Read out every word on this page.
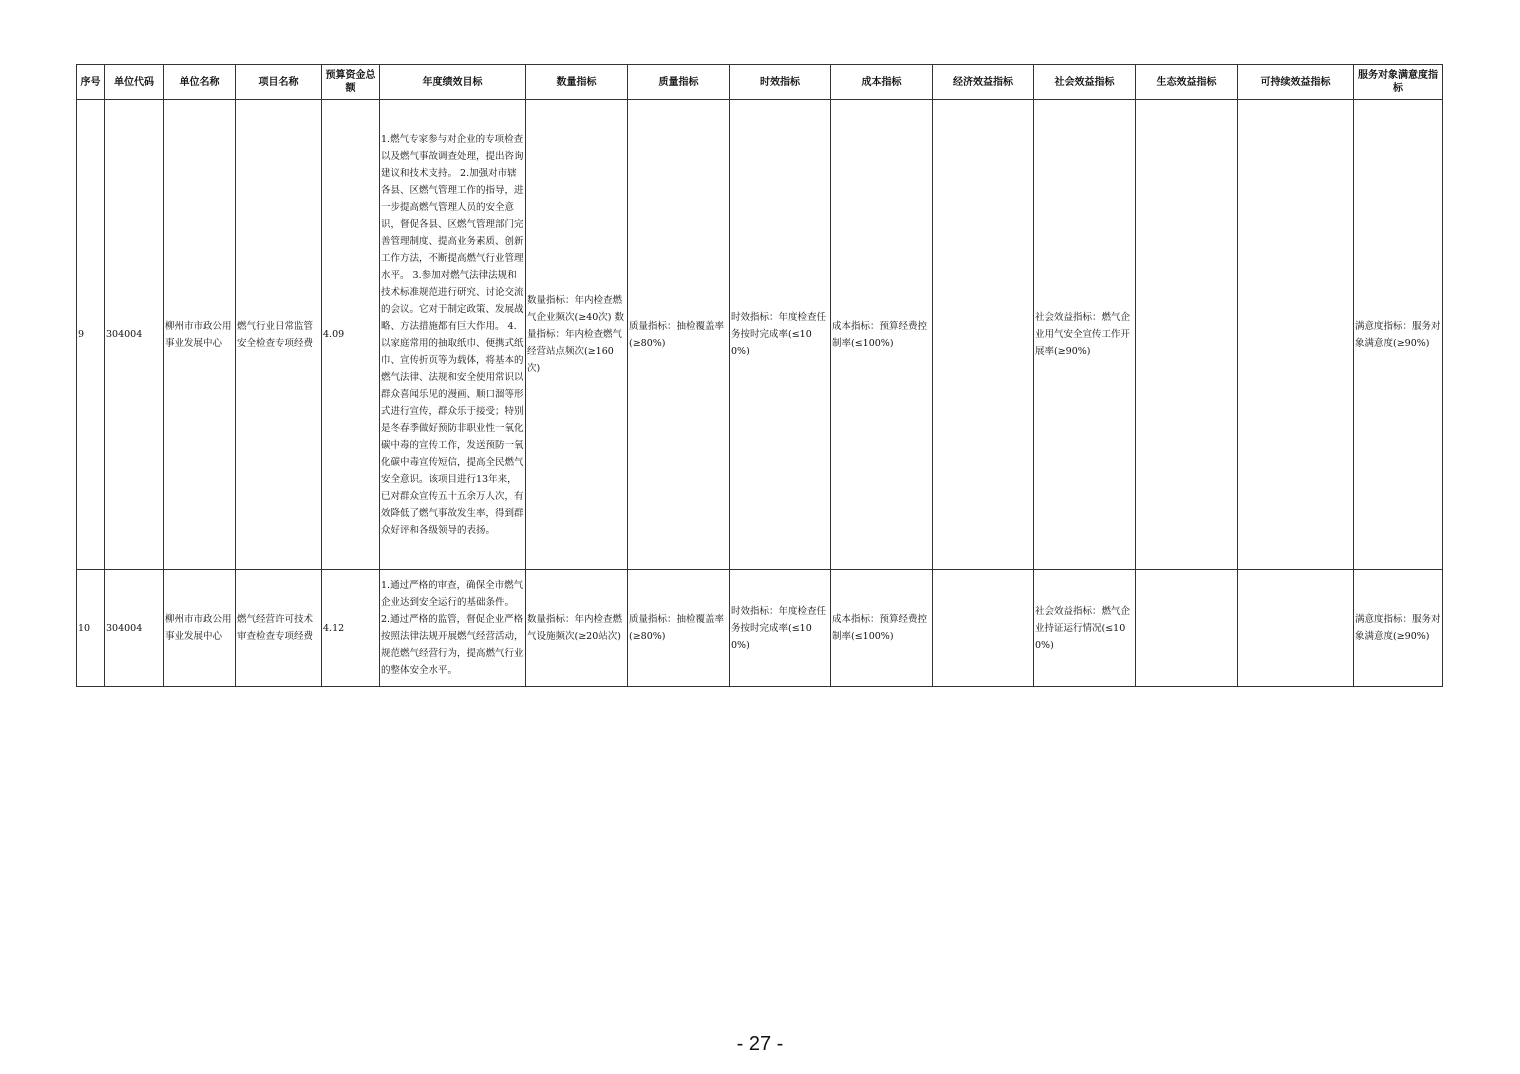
序号	单位代码	单位名称	项目名称	预算资金总额	年度绩效目标	数量指标	质量指标	时效指标	成本指标	经济效益指标	社会效益指标	生态效益指标	可持续效益指标	服务对象满意度指标
9	304004	柳州市市政公用事业发展中心	燃气行业日常监管安全检查专项经费	4.09	1.燃气专家参与对企业的专项检查以及燃气事故调查处理，提出咨询建议和技术支持。 2.加强对市辖各县、区燃气管理工作的指导，进一步提高燃气管理人员的安全意识，督促各县、区燃气管理部门完善管理制度、提高业务素质、创新工作方法，不断提高燃气行业管理水平。 3.参加对燃气法律法规和技术标准规范进行研究、讨论交流的会议。它对于制定政策、发展战略、方法措施都有巨大作用。 4.以家庭常用的抽取纸巾、便携式纸巾、宣传折页等为载体，将基本的燃气法律、法规和安全使用常识以群众喜闻乐见的漫画、顺口溜等形式进行宣传，群众乐于接受；特别是冬春季做好预防非职业性一氧化碳中毒的宣传工作，发送预防一氧化碳中毒宣传短信，提高全民燃气安全意识。该项目进行13年来，已对群众宣传五十五余万人次，有效降低了燃气事故发生率，得到群众好评和各级领导的表扬。	数量指标：年内检查燃气企业频次(≥40次) 数量指标：年内检查燃气经营站点频次(≥160次)	质量指标：抽检覆盖率(≥80%)	时效指标：年度检查任务按时完成率(≤100%)	成本指标：预算经费控制率(≤100%)		社会效益指标：燃气企业用气安全宣传工作开展率(≥90%)			满意度指标：服务对象满意度(≥90%)
10	304004	柳州市市政公用事业发展中心	燃气经营许可技术审查检查专项经费	4.12	1.通过严格的审查，确保全市燃气企业达到安全运行的基础条件。 2.通过严格的监管，督促企业严格按照法律法规开展燃气经营活动，规范燃气经营行为，提高燃气行业的整体安全水平。	数量指标：年内检查燃气设施频次(≥20站次)	质量指标：抽检覆盖率(≥80%)	时效指标：年度检查任务按时完成率(≤100%)	成本指标：预算经费控制率(≤100%)		社会效益指标：燃气企业持证运行情况(≤100%)			满意度指标：服务对象满意度(≥90%)
- 27 -
